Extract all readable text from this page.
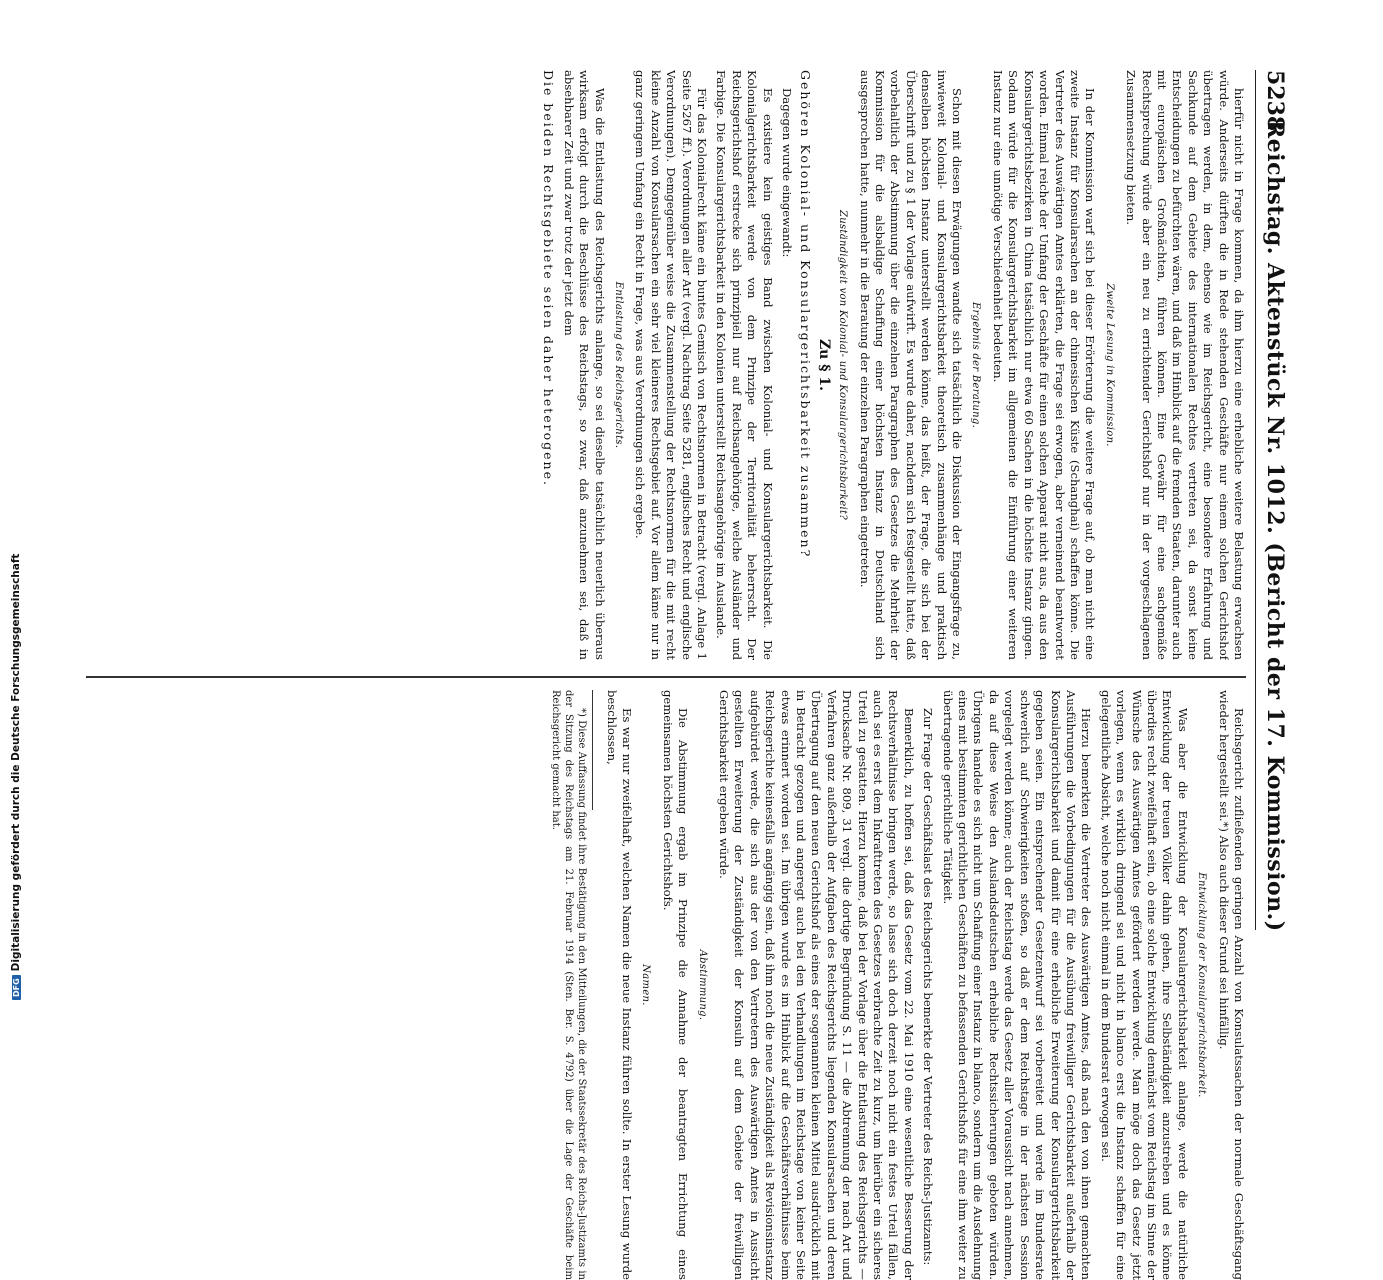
5238
Reichstag. Aktenstück Nr. 1012. (Bericht der 17. Kommission.)

hierfür nicht in Frage kommen, da ihm hierzu eine erhebliche weitere Belastung erwachsen würde. Anderseits dürften die in Rede stehenden Geschäfte nur einem solchen Gerichtshof übertragen werden, in dem, ebenso wie im Reichsgericht, eine besondere Erfahrung und Sachkunde auf dem Gebiete des internationalen Rechtes vertreten sei, da sonst keine Entscheidungen zu befürchten wären, und daß im Hinblick auf die fremden Staaten, darunter auch mit europäischen Großmächten, führen können. Eine Gewähr für eine sachgemäße Rechtsprechung würde aber ein neu zu errichtender Gerichtshof nur in der vorgeschlagenen Zusammensetzung bieten.

Zweite Lesung in Kommission.

In der Kommission warf sich bei dieser Erörterung die weitere Frage auf, ob man nicht eine zweite Instanz für Konsularsachen an der chinesischen Küste (Schanghai) schaffen könne. Die Vertreter des Auswärtigen Amtes erklärten, die Frage sei erwogen, aber verneinend beantwortet worden. Einmal reiche der Umfang der Geschäfte für einen solchen Apparat nicht aus, da aus den Konsulargerichtsbezirken in China tatsächlich nur etwa 60 Sachen in die höchste Instanz gingen. Sodann würde für die Konsulargerichtsbarkeit im allgemeinen die Einführung einer weiteren Instanz nur eine unnötige Verschiedenheit bedeuten.

Ergebnis der Beratung.

Schon mit diesen Erwägungen wandte sich tatsächlich die Diskussion der Eingangsfrage zu, inwieweit Kolonial- und Konsulargerichtsbarkeit theoretisch zusammenhänge und praktisch denselben höchsten Instanz unterstellt werden könne, das heißt, der Frage, die sich bei der Überschrift und zu § 1 der Vorlage aufwirft. Es wurde daher, nachdem sich festgestellt hatte, daß vorbehaltlich der Abstimmung über die einzelnen Paragraphen des Gesetzes die Mehrheit der Kommission für die alsbaldige Schaffung einer höchsten Instanz in Deutschland sich ausgesprochen hatte, nunmehr in die Beratung der einzelnen Paragraphen eingetreten.

Zuständigkeit von Kolonial- und Konsulargerichtsbarkeit?

Zu § 1.

Gehören Kolonial- und Konsulargerichtsbarkeit zusammen?

Dagegen wurde eingewandt:

Es existiere kein geistiges Band zwischen Kolonial- und Konsulargerichtsbarkeit. Die Kolonialgerichtsbarkeit werde von dem Prinzipe der Territorialität beherrscht. Der Reichsgerichtshof erstrecke sich prinzipiell nur auf Reichsangehörige, welche Ausländer und Farbige. Die Konsulargerichtsbarkeit in den Kolonien unterstellt Reichsangehörige im Auslande.

Für das Kolonialrecht käme ein buntes Gemisch von Rechtsnormen in Betracht (vergl. Anlage 1 Seite 5267 ff.). Verordnungen aller Art (vergl. Nachtrag Seite 5281, englisches Recht und englische Verordnungen). Demgegenüber weise die Zusammenstellung der Rechtsnormen für die mit recht kleine Anzahl von Konsularsachen ein sehr viel kleineres Rechtsgebiet auf. Vor allem käme nur in ganz geringem Umfang ein Recht in Frage, was aus Verordnungen sich ergebe.

Entlastung des Reichsgerichts.

Was die Entlastung des Reichsgerichts anlange, so sei dieselbe tatsächlich neuerlich überaus wirksam erfolgt durch die Beschlüsse des Reichstags, so zwar, daß anzunehmen sei, daß in absehbarer Zeit und zwar trotz der jetzt dem

Die beiden Rechtsgebiete seien daher heterogene.

Reichsgericht zufließenden geringen Anzahl von Konsulatssachen der normale Geschäftsgang wieder hergestellt sei.*) Also auch dieser Grund sei hinfällig.

Entwicklung der Konsulargerichtsbarkeit.

Was aber die Entwicklung der Konsulargerichtsbarkeit anlange, werde die natürliche Entwicklung der treuen Völker dahin gehen, ihre Selbständigkeit anzustreben und es könne überdies recht zweifelhaft sein, ob eine solche Entwicklung dennächst vom Reichstag im Sinne der Wünsche des Auswärtigen Amtes gefördert werden werde. Man möge doch das Gesetz jetzt vorlegen, wenn es wirklich dringend sei und nicht in blanco erst die Instanz schaffen für eine gelegentliche Absicht, welche noch nicht einmal in dem Bundesrat erwogen sei.

Hierzu bemerkten die Vertreter des Auswärtigen Amtes, daß nach den von ihnen gemachten Ausführungen die Vorbedingungen für die Ausübung freiwilliger Gerichtsbarkeit außerhalb der Konsulargerichtsbarkeit und damit für eine erhebliche Erweiterung der Konsulargerichtsbarkeit gegeben seien. Ein entsprechender Gesetzentwurf sei vorbereitet und werde im Bundesrate schwerlich auf Schwierigkeiten stoßen, so daß er dem Reichstage in der nächsten Session vorgelegt werden könne; auch der Reichstag werde das Gesetz aller Voraussicht nach annehmen, da auf diese Weise den Auslandsdeutschen erhebliche Rechtssicherungen geboten würden. Übrigens handele es sich nicht um Schaffung einer Instanz in blanco, sondern um die Ausdehnung eines mit bestimmten gerichtlichen Geschäften zu befassenden Gerichtshofs für eine ihm weiter zu übertragende gerichtliche Tätigkeit.

Zur Frage der Geschäftslast des Reichsgerichts bemerkte der Vertreter des Reichs-Justizamts:

Bemerklich, zu hoffen sei, daß das Gesetz vom 22. Mai 1910 eine wesentliche Besserung der Rechtsverhältnisse bringen werde, so lasse sich doch derzeit noch nicht ein festes Urteil fällen, auch sei es erst dem Inkrafttreten des Gesetzes verbrachte Zeit zu kurz, um hierüber ein sicheres Urteil zu gestatten. Hierzu komme, daß bei der Vorlage über die Entlastung des Reichsgerichts — Drucksache Nr. 809, 31 vergl. die dortige Begründung S. 11 — die Abtrennung der nach Art und Verfahren ganz außerhalb der Aufgaben des Reichsgerichts liegenden Konsularsachen und deren Übertragung auf den neuen Gerichtshof als eines der sogenannten kleinen Mittel ausdrücklich mit in Betracht gezogen und angeregt auch bei den Verhandlungen im Reichstage von keiner Seite etwas erinnert worden sei. Im übrigen wurde es im Hinblick auf die Geschäftsverhältnisse beim Reichsgerichte keinesfalls angängig sein, daß ihm noch die neue Zuständigkeit als Revisionsinstanz aufgebürdet werde, die sich aus der von den Vertretern des Auswärtigen Amtes in Aussicht gestellten Erweiterung der Zuständigkeit der Konsuln auf dem Gebiete der freiwilligen Gerichtsbarkeit ergeben würde.

Abstimmung.

Die Abstimmung ergab im Prinzipe die Annahme der beantragten Errichtung eines gemeinsamen höchsten Gerichtshofs.

Namen.

Es war nur zweifelhaft, welchen Namen die neue Instanz führen sollte. In erster Lesung wurde beschlossen,

*) Diese Auffassung findet ihre Bestätigung in den Mitteilungen, die der Staatssekretär des Reichs-Justizamts in der Sitzung des Reichstags am 21. Februar 1914 (Sten. Ber. S. 4792) über die Lage der Geschäfte beim Reichsgericht gemacht hat.

DFGDigitalisierung gefördert durch die Deutsche Forschungsgemeinschaft
